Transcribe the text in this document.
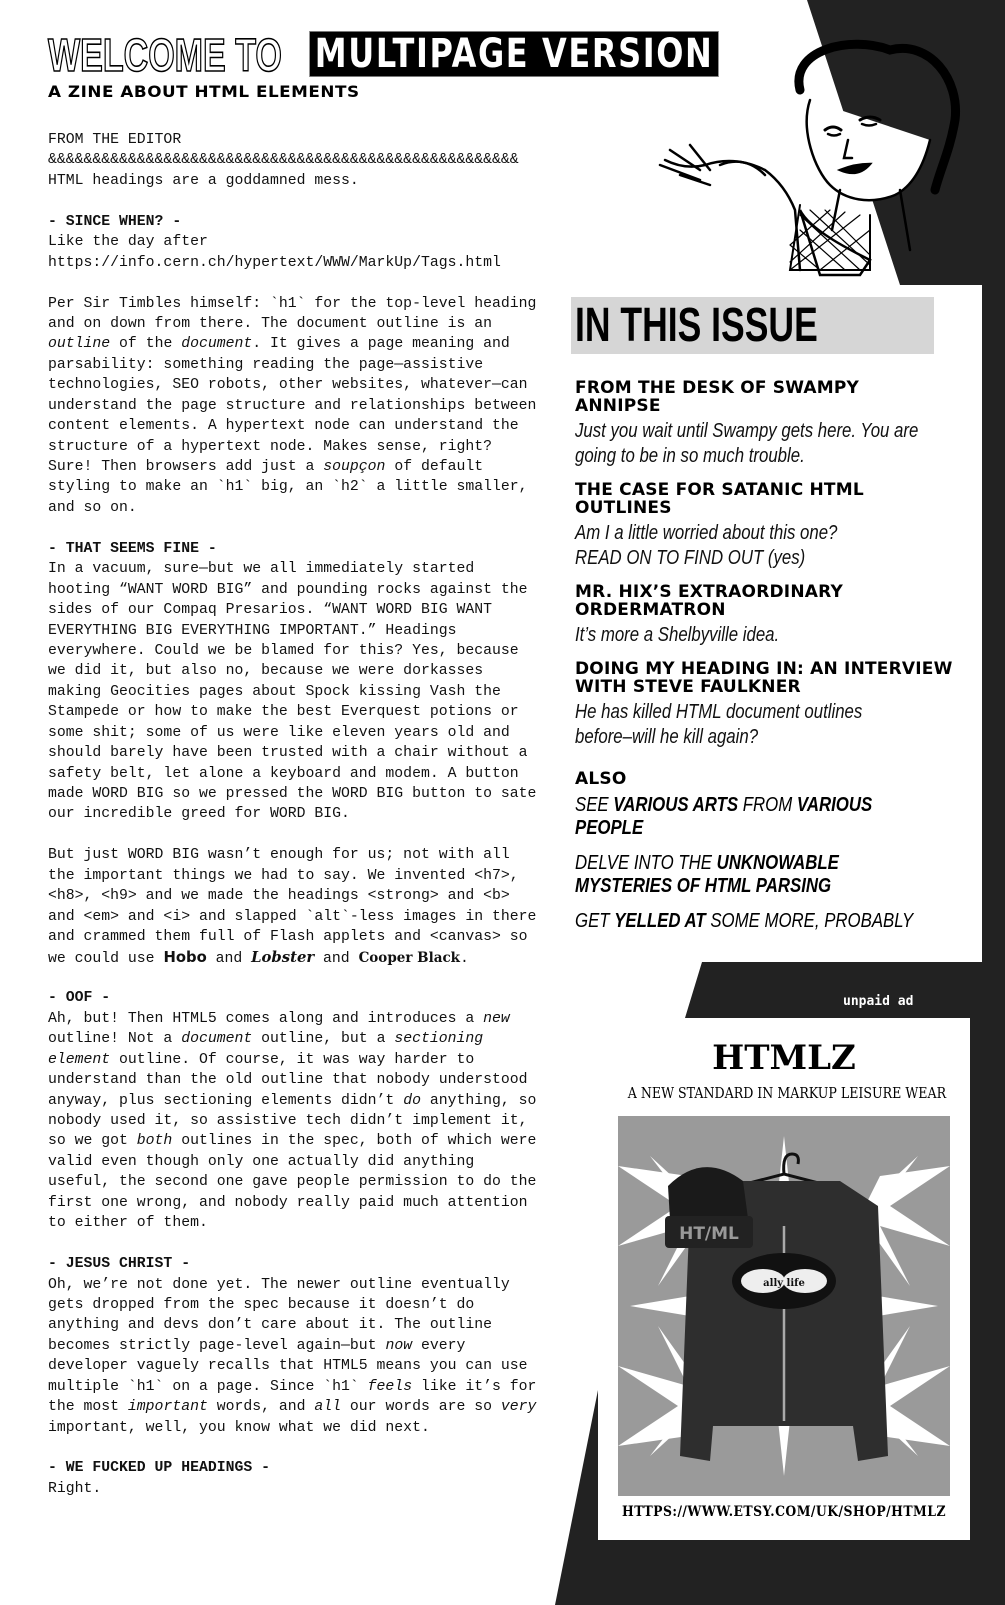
WELCOME TO MULTIPAGE VERSION
A ZINE ABOUT HTML ELEMENTS
FROM THE EDITOR
&&&&&&&&&&&&&&&&&&&&&&&&&&&&&&&&&&&&&&&&&&&&&&&&&&&&&
HTML headings are a goddamned mess.
- SINCE WHEN? -
Like the day after
https://info.cern.ch/hypertext/WWW/MarkUp/Tags.html
Per Sir Timbles himself: `h1` for the top-level heading
and on down from there. The document outline is an
outline of the document. It gives a page meaning and
parsability: something reading the page—assistive
technologies, SEO robots, other websites, whatever—can
understand the page structure and relationships between
content elements. A hypertext node can understand the
structure of a hypertext node. Makes sense, right?
Sure! Then browsers add just a soupçon of default
styling to make an `h1` big, an `h2` a little smaller,
and so on.
- THAT SEEMS FINE -
In a vacuum, sure—but we all immediately started
hooting “WANT WORD BIG” and pounding rocks against the
sides of our Compaq Presarios. “WANT WORD BIG WANT
EVERYTHING BIG EVERYTHING IMPORTANT.” Headings
everywhere. Could we be blamed for this? Yes, because
we did it, but also no, because we were dorkasses
making Geocities pages about Spock kissing Vash the
Stampede or how to make the best Everquest potions or
some shit; some of us were like eleven years old and
should barely have been trusted with a chair without a
safety belt, let alone a keyboard and modem. A button
made WORD BIG so we pressed the WORD BIG button to sate
our incredible greed for WORD BIG.
But just WORD BIG wasn’t enough for us; not with all
the important things we had to say. We invented <h7>,
<h8>, <h9> and we made the headings <strong> and <b>
and <em> and <i> and slapped `alt`-less images in there
and crammed them full of Flash applets and <canvas> so
we could use Hobo and Lobster and Cooper Black.
- OOF -
Ah, but! Then HTML5 comes along and introduces a new
outline! Not a document outline, but a sectioning
element outline. Of course, it was way harder to
understand than the old outline that nobody understood
anyway, plus sectioning elements didn’t do anything, so
nobody used it, so assistive tech didn’t implement it,
so we got both outlines in the spec, both of which were
valid even though only one actually did anything
useful, the second one gave people permission to do the
first one wrong, and nobody really paid much attention
to either of them.
- JESUS CHRIST -
Oh, we’re not done yet. The newer outline eventually
gets dropped from the spec because it doesn’t do
anything and devs don’t care about it. The outline
becomes strictly page-level again—but now every
developer vaguely recalls that HTML5 means you can use
multiple `h1` on a page. Since `h1` feels like it’s for
the most important words, and all our words are so very
important, well, you know what we did next.
- WE FUCKED UP HEADINGS -
Right.
IN THIS ISSUE
FROM THE DESK OF SWAMPY ANNIPSE
Just you wait until Swampy gets here. You are going to be in so much trouble.
THE CASE FOR SATANIC HTML OUTLINES
Am I a little worried about this one? READ ON TO FIND OUT (yes)
MR. HIX’S EXTRAORDINARY ORDERMATRON
It’s more a Shelbyville idea.
DOING MY HEADING IN: AN INTERVIEW WITH STEVE FAULKNER
He has killed HTML document outlines before–will he kill again?
ALSO
SEE VARIOUS ARTS FROM VARIOUS PEOPLE
DELVE INTO THE UNKNOWABLE MYSTERIES OF HTML PARSING
GET YELLED AT SOME MORE, PROBABLY
unpaid ad
HTMLZ
A NEW STANDARD IN MARKUP LEISURE WEAR
ally life
HT/ML
HTTPS://WWW.ETSY.COM/UK/SHOP/HTMLZ
